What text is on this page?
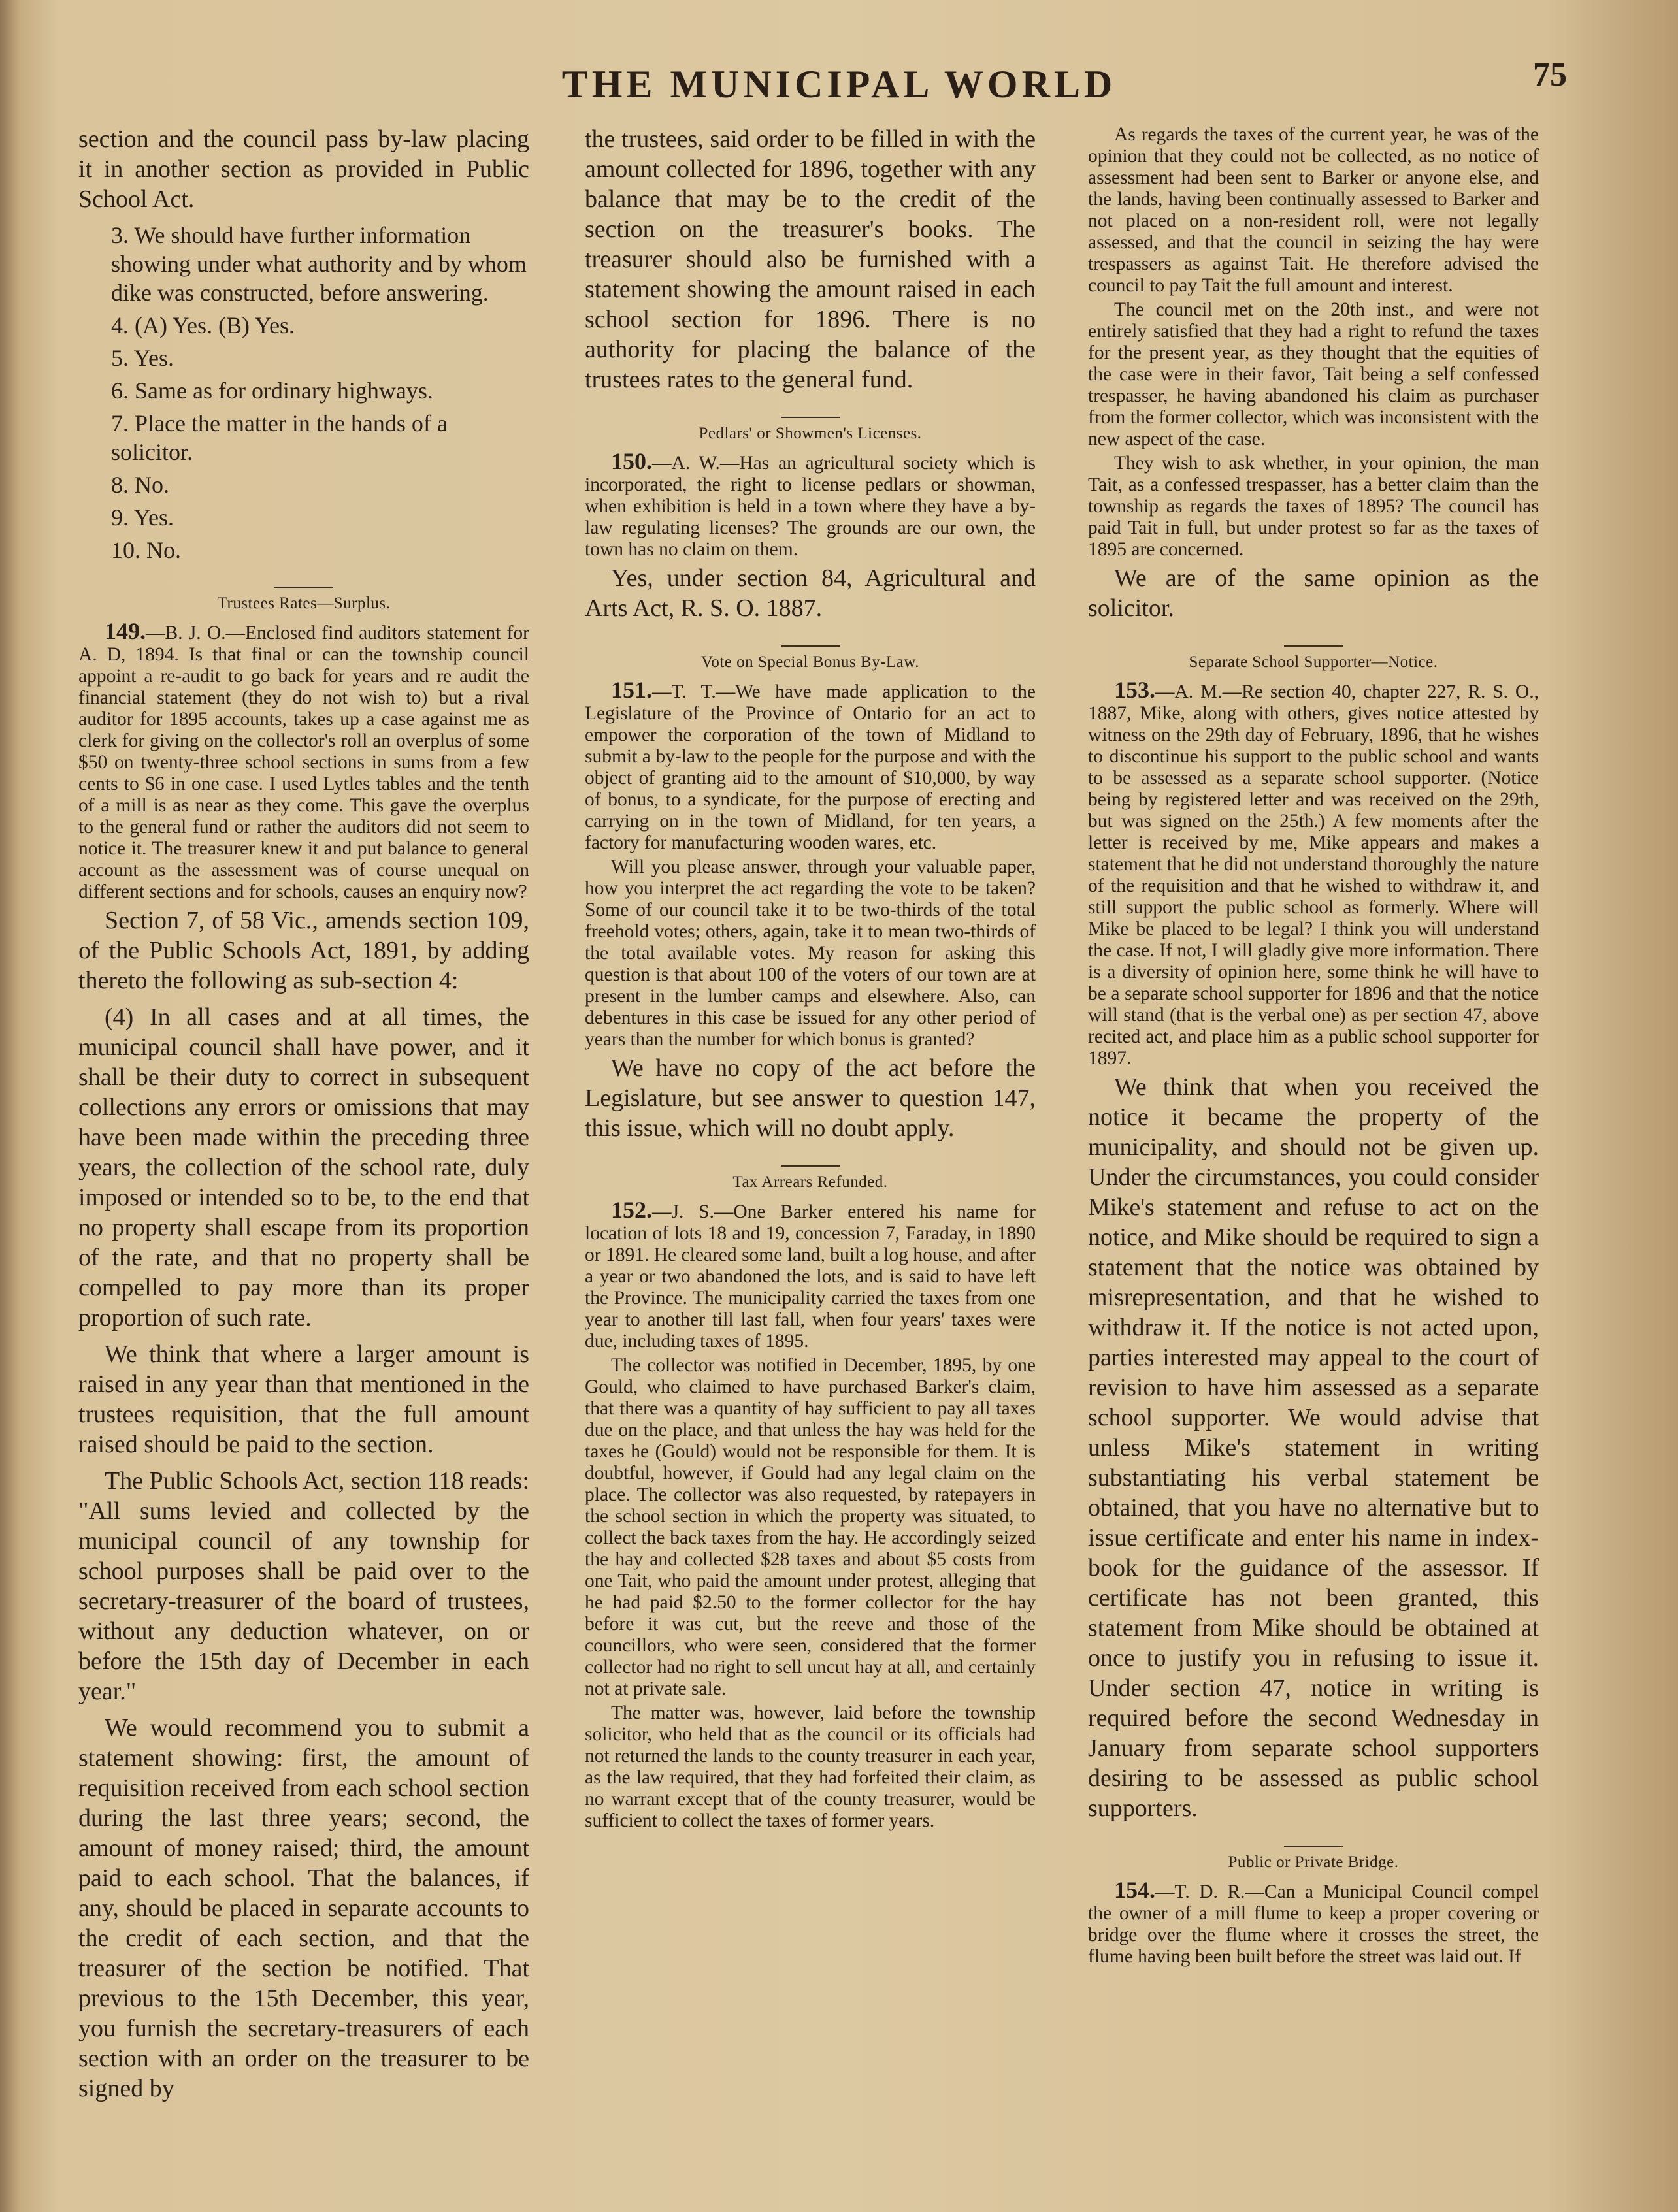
THE MUNICIPAL WORLD	75

section and the council pass by-law placing it in another section as provided in Public School Act.

3. We should have further information showing under what authority and by whom dike was constructed, before answering.

4. (A) Yes. (B) Yes.

5. Yes.

6. Same as for ordinary highways.

7. Place the matter in the hands of a solicitor.

8. No.

9. Yes.

10. No.

Trustees Rates—Surplus.

149.—B. J. O.—Enclosed find auditors statement for A. D, 1894. Is that final or can the township council appoint a re-audit to go back for years and re audit the financial statement (they do not wish to) but a rival auditor for 1895 accounts, takes up a case against me as clerk for giving on the collector's roll an overplus of some $50 on twenty-three school sections in sums from a few cents to $6 in one case. I used Lytles tables and the tenth of a mill is as near as they come. This gave the overplus to the general fund or rather the auditors did not seem to notice it. The treasurer knew it and put balance to general account as the assessment was of course unequal on different sections and for schools, causes an enquiry now?

Section 7, of 58 Vic., amends section 109, of the Public Schools Act, 1891, by adding thereto the following as sub-section 4:

(4) In all cases and at all times, the municipal council shall have power, and it shall be their duty to correct in subsequent collections any errors or omissions that may have been made within the preceding three years, the collection of the school rate, duly imposed or intended so to be, to the end that no property shall escape from its proportion of the rate, and that no property shall be compelled to pay more than its proper proportion of such rate.

We think that where a larger amount is raised in any year than that mentioned in the trustees requisition, that the full amount raised should be paid to the section.

The Public Schools Act, section 118 reads: "All sums levied and collected by the municipal council of any township for school purposes shall be paid over to the secretary-treasurer of the board of trustees, without any deduction whatever, on or before the 15th day of December in each year."

We would recommend you to submit a statement showing: first, the amount of requisition received from each school section during the last three years; second, the amount of money raised; third, the amount paid to each school. That the balances, if any, should be placed in separate accounts to the credit of each section, and that the treasurer of the section be notified. That previous to the 15th December, this year, you furnish the secretary-treasurers of each section with an order on the treasurer to be signed by

the trustees, said order to be filled in with the amount collected for 1896, together with any balance that may be to the credit of the section on the treasurer's books. The treasurer should also be furnished with a statement showing the amount raised in each school section for 1896. There is no authority for placing the balance of the trustees rates to the general fund.

Pedlars' or Showmen's Licenses.

150.—A. W.—Has an agricultural society which is incorporated, the right to license pedlars or showman, when exhibition is held in a town where they have a by-law regulating licenses? The grounds are our own, the town has no claim on them.

Yes, under section 84, Agricultural and Arts Act, R. S. O. 1887.

Vote on Special Bonus By-Law.

151.—T. T.—We have made application to the Legislature of the Province of Ontario for an act to empower the corporation of the town of Midland to submit a by-law to the people for the purpose and with the object of granting aid to the amount of $10,000, by way of bonus, to a syndicate, for the purpose of erecting and carrying on in the town of Midland, for ten years, a factory for manufacturing wooden wares, etc.

Will you please answer, through your valuable paper, how you interpret the act regarding the vote to be taken? Some of our council take it to be two-thirds of the total freehold votes; others, again, take it to mean two-thirds of the total available votes. My reason for asking this question is that about 100 of the voters of our town are at present in the lumber camps and elsewhere. Also, can debentures in this case be issued for any other period of years than the number for which bonus is granted?

We have no copy of the act before the Legislature, but see answer to question 147, this issue, which will no doubt apply.

Tax Arrears Refunded.

152.—J. S.—One Barker entered his name for location of lots 18 and 19, concession 7, Faraday, in 1890 or 1891. He cleared some land, built a log house, and after a year or two abandoned the lots, and is said to have left the Province. The municipality carried the taxes from one year to another till last fall, when four years' taxes were due, including taxes of 1895.

The collector was notified in December, 1895, by one Gould, who claimed to have purchased Barker's claim, that there was a quantity of hay sufficient to pay all taxes due on the place, and that unless the hay was held for the taxes he (Gould) would not be responsible for them. It is doubtful, however, if Gould had any legal claim on the place. The collector was also requested, by ratepayers in the school section in which the property was situated, to collect the back taxes from the hay. He accordingly seized the hay and collected $28 taxes and about $5 costs from one Tait, who paid the amount under protest, alleging that he had paid $2.50 to the former collector for the hay before it was cut, but the reeve and those of the councillors, who were seen, considered that the former collector had no right to sell uncut hay at all, and certainly not at private sale.

The matter was, however, laid before the township solicitor, who held that as the council or its officials had not returned the lands to the county treasurer in each year, as the law required, that they had forfeited their claim, as no warrant except that of the county treasurer, would be sufficient to collect the taxes of former years.

As regards the taxes of the current year, he was of the opinion that they could not be collected, as no notice of assessment had been sent to Barker or anyone else, and the lands, having been continually assessed to Barker and not placed on a non-resident roll, were not legally assessed, and that the council in seizing the hay were trespassers as against Tait. He therefore advised the council to pay Tait the full amount and interest.

The council met on the 20th inst., and were not entirely satisfied that they had a right to refund the taxes for the present year, as they thought that the equities of the case were in their favor, Tait being a self confessed trespasser, he having abandoned his claim as purchaser from the former collector, which was inconsistent with the new aspect of the case.

They wish to ask whether, in your opinion, the man Tait, as a confessed trespasser, has a better claim than the township as regards the taxes of 1895? The council has paid Tait in full, but under protest so far as the taxes of 1895 are concerned.

We are of the same opinion as the solicitor.

Separate School Supporter—Notice.

153.—A. M.—Re section 40, chapter 227, R. S. O., 1887, Mike, along with others, gives notice attested by witness on the 29th day of February, 1896, that he wishes to discontinue his support to the public school and wants to be assessed as a separate school supporter. (Notice being by registered letter and was received on the 29th, but was signed on the 25th.) A few moments after the letter is received by me, Mike appears and makes a statement that he did not understand thoroughly the nature of the requisition and that he wished to withdraw it, and still support the public school as formerly. Where will Mike be placed to be legal? I think you will understand the case. If not, I will gladly give more information. There is a diversity of opinion here, some think he will have to be a separate school supporter for 1896 and that the notice will stand (that is the verbal one) as per section 47, above recited act, and place him as a public school supporter for 1897.

We think that when you received the notice it became the property of the municipality, and should not be given up. Under the circumstances, you could consider Mike's statement and refuse to act on the notice, and Mike should be required to sign a statement that the notice was obtained by misrepresentation, and that he wished to withdraw it. If the notice is not acted upon, parties interested may appeal to the court of revision to have him assessed as a separate school supporter. We would advise that unless Mike's statement in writing substantiating his verbal statement be obtained, that you have no alternative but to issue certificate and enter his name in index-book for the guidance of the assessor. If certificate has not been granted, this statement from Mike should be obtained at once to justify you in refusing to issue it. Under section 47, notice in writing is required before the second Wednesday in January from separate school supporters desiring to be assessed as public school supporters.

Public or Private Bridge.

154.—T. D. R.—Can a Municipal Council compel the owner of a mill flume to keep a proper covering or bridge over the flume where it crosses the street, the flume having been built before the street was laid out. If
